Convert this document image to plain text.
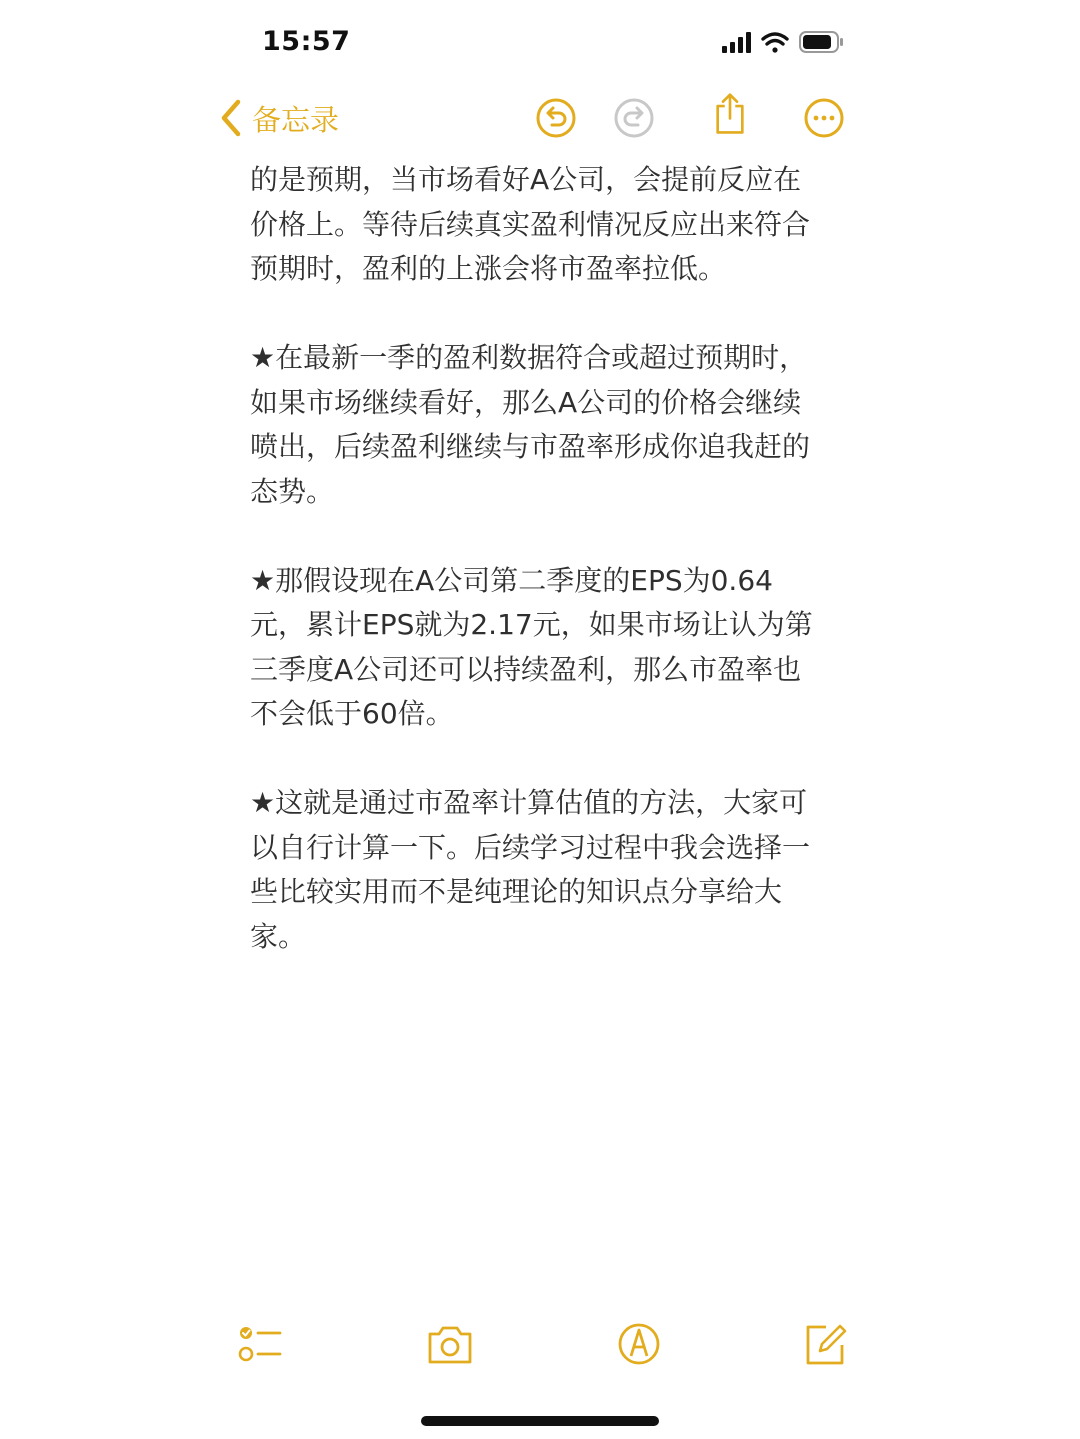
15:57
备忘录

的是预期，当市场看好A公司，会提前反应在价格上。等待后续真实盈利情况反应出来符合预期时，盈利的上涨会将市盈率拉低。

★在最新一季的盈利数据符合或超过预期时，如果市场继续看好，那么A公司的价格会继续喷出，后续盈利继续与市盈率形成你追我赶的态势。

★那假设现在A公司第二季度的EPS为0.64元，累计EPS就为2.17元，如果市场让认为第三季度A公司还可以持续盈利，那么市盈率也不会低于60倍。

★这就是通过市盈率计算估值的方法，大家可以自行计算一下。后续学习过程中我会选择一些比较实用而不是纯理论的知识点分享给大家。
